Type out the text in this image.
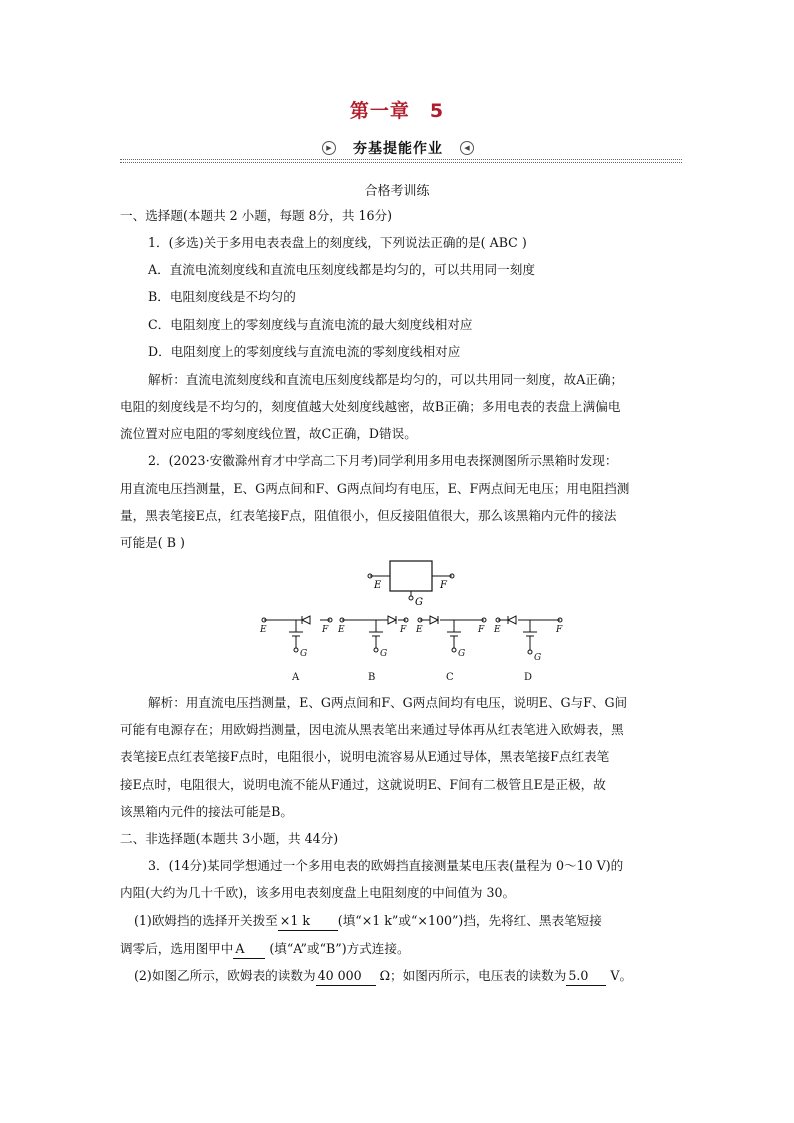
第一章　5
▶	夯基提能作业	◀
合格考训练
一、选择题(本题共 2 小题，每题 8分，共 16分)
1．(多选)关于多用电表表盘上的刻度线，下列说法正确的是( ABC )
A．直流电流刻度线和直流电压刻度线都是均匀的，可以共用同一刻度
B．电阻刻度线是不均匀的
C．电阻刻度上的零刻度线与直流电流的最大刻度线相对应
D．电阻刻度上的零刻度线与直流电流的零刻度线相对应
解析：直流电流刻度线和直流电压刻度线都是均匀的，可以共用同一刻度，故A正确；
电阻的刻度线是不均匀的，刻度值越大处刻度线越密，故B正确；多用电表的表盘上满偏电
流位置对应电阻的零刻度线位置，故C正确，D错误。
2．(2023·安徽滁州育才中学高二下月考)同学利用多用电表探测图所示黑箱时发现：
用直流电压挡测量，E、G两点间和F、G两点间均有电压，E、F两点间无电压；用电阻挡测
量，黑表笔接E点，红表笔接F点，阻值很小，但反接阻值很大，那么该黑箱内元件的接法
可能是( B )
E	F
G
E	F
G
E	F
G
E	F
G
E	F
G
A	B	C	D
解析：用直流电压挡测量，E、G两点间和F、G两点间均有电压，说明E、G与F、G间
可能有电源存在；用欧姆挡测量，因电流从黑表笔出来通过导体再从红表笔进入欧姆表，黑
表笔接E点红表笔接F点时，电阻很小，说明电流容易从E通过导体，黑表笔接F点红表笔
接E点时，电阻很大，说明电流不能从F通过，这就说明E、F间有二极管且E是正极，故
该黑箱内元件的接法可能是B。
二、非选择题(本题共 3小题，共 44分)
3．(14分)某同学想通过一个多用电表的欧姆挡直接测量某电压表(量程为 0～10 V)的
内阻(大约为几十千欧)，该多用电表刻度盘上电阻刻度的中间值为 30。
(1)欧姆挡的选择开关拨至 ×1 k (填“×1 k”或“×100”)挡，先将红、黑表笔短接
调零后，选用图甲中 A (填“A”或“B”)方式连接。
(2)如图乙所示，欧姆表的读数为 40 000 Ω；如图丙所示，电压表的读数为 5.0 V。
